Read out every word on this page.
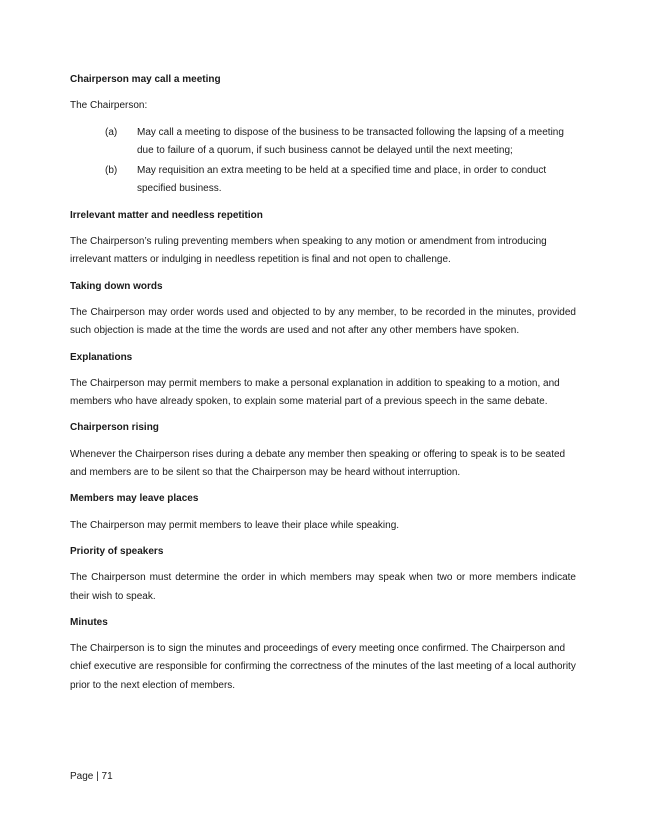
Chairperson may call a meeting

The Chairperson:

(a)	May call a meeting to dispose of the business to be transacted following the lapsing of a meeting due to failure of a quorum, if such business cannot be delayed until the next meeting;
(b)	May requisition an extra meeting to be held at a specified time and place, in order to conduct specified business.
Irrelevant matter and needless repetition

The Chairperson’s ruling preventing members when speaking to any motion or amendment from introducing irrelevant matters or indulging in needless repetition is final and not open to challenge.

Taking down words

The Chairperson may order words used and objected to by any member, to be recorded in the minutes, provided such objection is made at the time the words are used and not after any other members have spoken.

Explanations

The Chairperson may permit members to make a personal explanation in addition to speaking to a motion, and members who have already spoken, to explain some material part of a previous speech in the same debate.

Chairperson rising

Whenever the Chairperson rises during a debate any member then speaking or offering to speak is to be seated and members are to be silent so that the Chairperson may be heard without interruption.

Members may leave places

The Chairperson may permit members to leave their place while speaking.

Priority of speakers

The Chairperson must determine the order in which members may speak when two or more members indicate their wish to speak.

Minutes

The Chairperson is to sign the minutes and proceedings of every meeting once confirmed. The Chairperson and chief executive are responsible for confirming the correctness of the minutes of the last meeting of a local authority prior to the next election of members.

Page | 71
